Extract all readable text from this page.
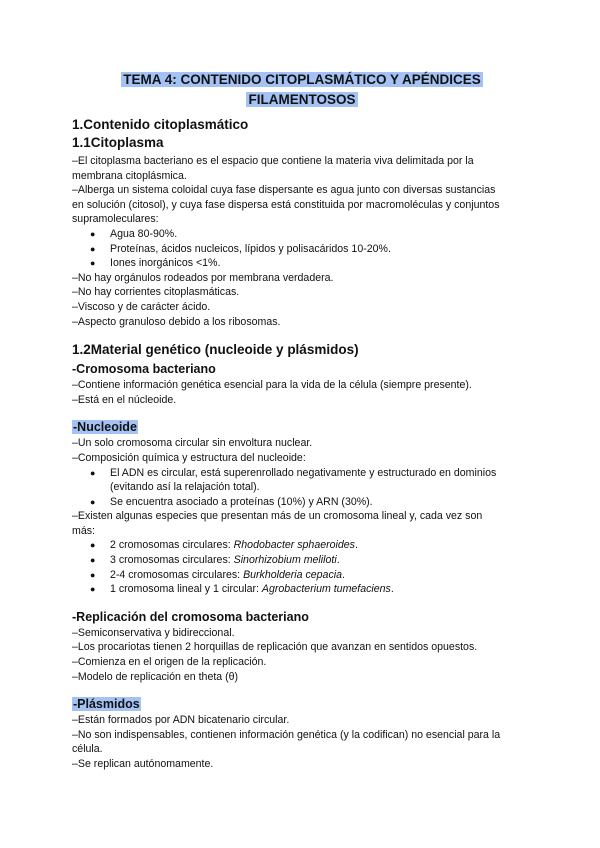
TEMA 4: CONTENIDO CITOPLASMÁTICO Y APÉNDICES
FILAMENTOSOS

1.Contenido citoplasmático
1.1Citoplasma

–El citoplasma bacteriano es el espacio que contiene la materia viva delimitada por la

membrana citoplásmica.

–Alberga un sistema coloidal cuya fase dispersante es agua junto con diversas sustancias

en solución (citosol), y cuya fase dispersa está constituida por macromoléculas y conjuntos

supramoleculares:

● Agua 80-90%.
● Proteínas, ácidos nucleicos, lípidos y polisacáridos 10-20%.
● Iones inorgánicos <1%.

–No hay orgánulos rodeados por membrana verdadera.

–No hay corrientes citoplasmáticas.

–Viscoso y de carácter ácido.

–Aspecto granuloso debido a los ribosomas.

1.2Material genético (nucleoide y plásmidos)
-Cromosoma bacteriano

–Contiene información genética esencial para la vida de la célula (siempre presente).

–Está en el núcleoide.

-Nucleoide

–Un solo cromosoma circular sin envoltura nuclear.

–Composición química y estructura del nucleoide:

● El ADN es circular, está superenrollado negativamente y estructurado en dominios
(evitando así la relajación total).
● Se encuentra asociado a proteínas (10%) y ARN (30%).

–Existen algunas especies que presentan más de un cromosoma lineal y, cada vez son

más:

● 2 cromosomas circulares: Rhodobacter sphaeroides.
● 3 cromosomas circulares: Sinorhizobium meliloti.
● 2-4 cromosomas circulares: Burkholderia cepacia.
● 1 cromosoma lineal y 1 circular: Agrobacterium tumefaciens.
-Replicación del cromosoma bacteriano

–Semiconservativa y bidireccional.

–Los procariotas tienen 2 horquillas de replicación que avanzan en sentidos opuestos.

–Comienza en el origen de la replicación.

–Modelo de replicación en theta (θ)

-Plásmidos

–Están formados por ADN bicatenario circular.

–No son indispensables, contienen información genética (y la codifican) no esencial para la

célula.

–Se replican autónomamente.
